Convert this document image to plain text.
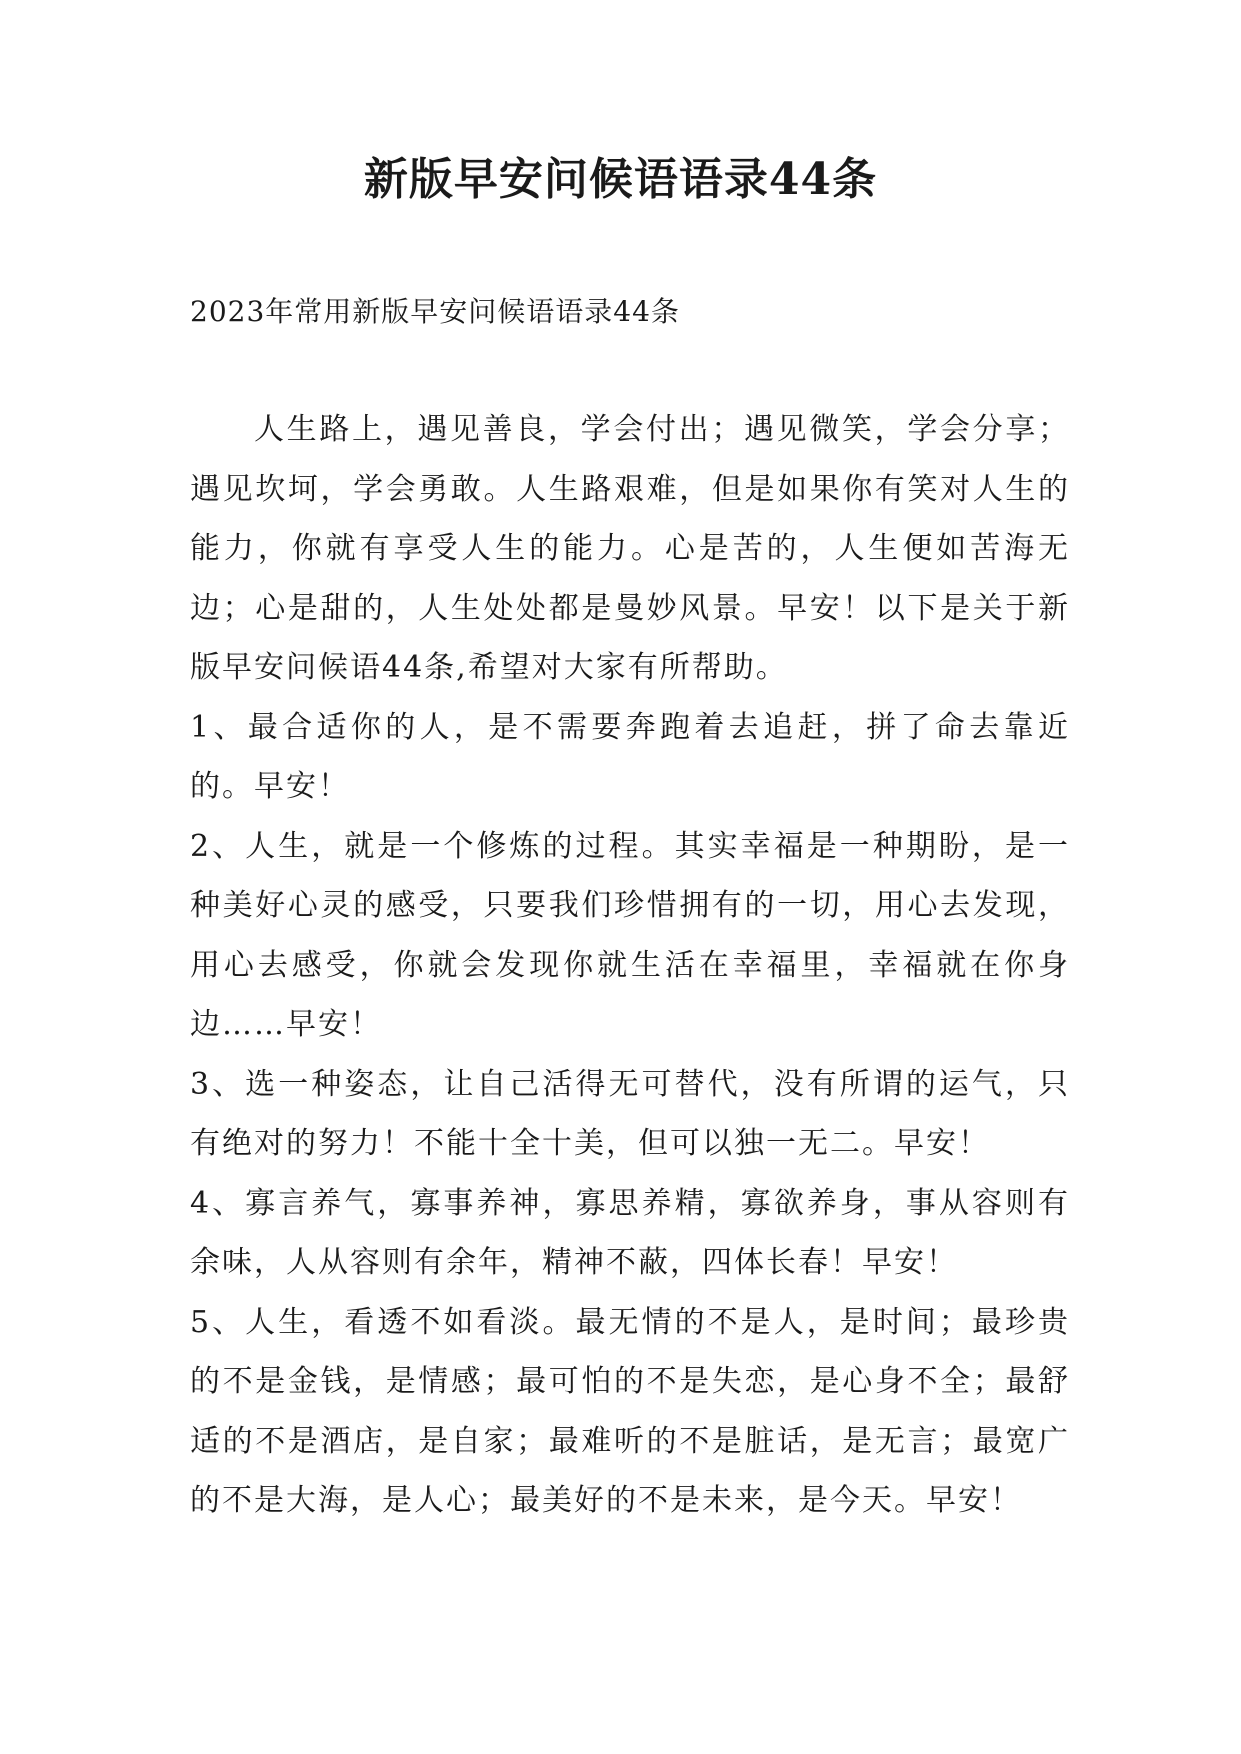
新版早安问候语语录44条

2023年常用新版早安问候语语录44条

人生路上，遇见善良，学会付出；遇见微笑，学会分享；遇见坎坷，学会勇敢。人生路艰难，但是如果你有笑对人生的能力，你就有享受人生的能力。心是苦的，人生便如苦海无边；心是甜的，人生处处都是曼妙风景。早安！以下是关于新版早安问候语44条,希望对大家有所帮助。

1、最合适你的人，是不需要奔跑着去追赶，拼了命去靠近的。早安！

2、人生，就是一个修炼的过程。其实幸福是一种期盼，是一种美好心灵的感受，只要我们珍惜拥有的一切，用心去发现，用心去感受，你就会发现你就生活在幸福里，幸福就在你身边……早安！

3、选一种姿态，让自己活得无可替代，没有所谓的运气，只有绝对的努力！不能十全十美，但可以独一无二。早安！

4、寡言养气，寡事养神，寡思养精，寡欲养身，事从容则有余味，人从容则有余年，精神不蔽，四体长春！早安！

5、人生，看透不如看淡。最无情的不是人，是时间；最珍贵的不是金钱，是情感；最可怕的不是失恋，是心身不全；最舒适的不是酒店，是自家；最难听的不是脏话，是无言；最宽广的不是大海，是人心；最美好的不是未来，是今天。早安！
